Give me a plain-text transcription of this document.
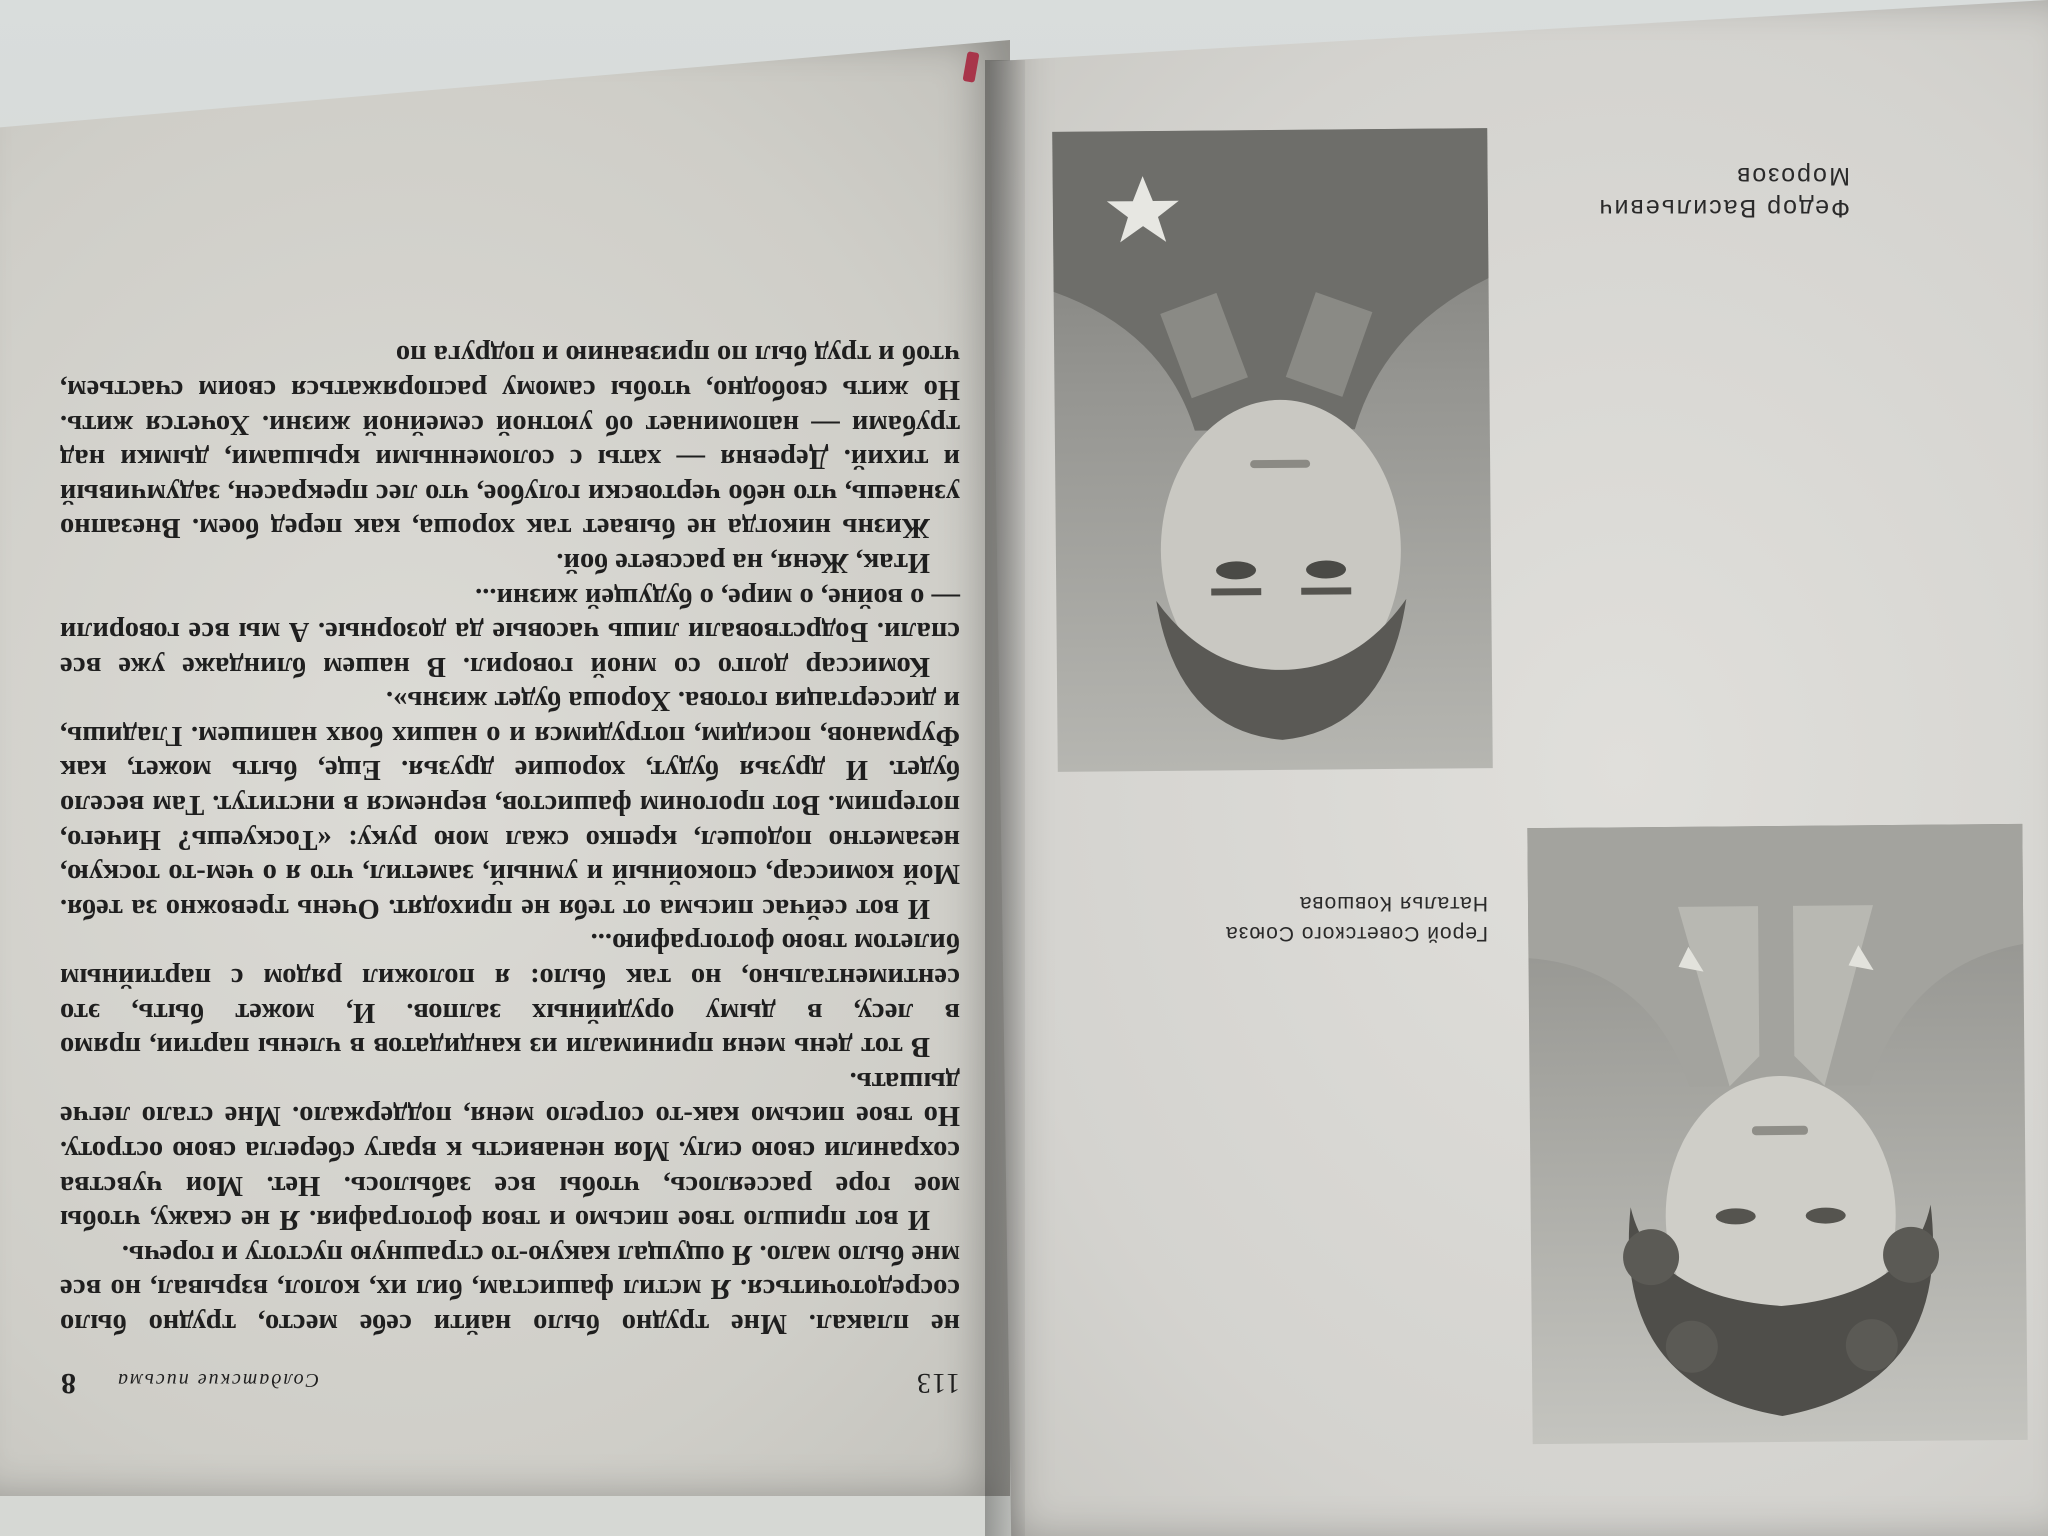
113
Солдатские письма
8

не плакал. Мне трудно было найти себе место, трудно было сосредоточиться. Я мстил фашистам, бил их, колол, взрывал, но все мне было мало. Я ощущал какую-то страшную пустоту и горечь.

И вот пришло твое письмо и твоя фотография. Я не скажу, чтобы мое горе рассеялось, чтобы все забылось. Нет. Мои чувства сохранили свою силу. Моя ненависть к врагу сберегла свою остроту. Но твое письмо как-то согрело меня, поддержало. Мне стало легче дышать.

В тот день меня принимали из кандидатов в члены партии, прямо в лесу, в дыму орудийных залпов. И, может быть, это сентиментально, но так было: я положил рядом с партийным билетом твою фотографию...

И вот сейчас письма от тебя не приходят. Очень тревожно за тебя. Мой комиссар, спокойный и умный, заметил, что я о чем-то тоскую, незаметно подошел, крепко сжал мою руку: «Тоскуешь? Ничего, потерпим. Вот прогоним фашистов, вернемся в институт. Там весело будет. И друзья будут, хорошие друзья. Еще, быть может, как Фурманов, посидим, потрудимся и о наших боях напишем. Гладишь, и диссертация готова. Хороша будет жизнь».

Комиссар долго со мной говорил. В нашем блиндаже уже все спали. Бодрствовали лишь часовые да дозорные. А мы все говорили — о войне, о мире, о будущей жизни...

Итак, Женя, на рассвете бой.

Жизнь никогда не бывает так хороша, как перед боем. Внезапно узнаешь, что небо чертовски голубое, что лес прекрасен, задумчивый и тихий. Деревня — хаты с соломенными крышами, дымки над трубами — напоминает об уютной семейной жизни. Хочется жить. Но жить свободно, чтобы самому распоряжаться своим счастьем, чтоб и труд был по призванию и подруга по

Федор Васильевич
Морозов
Герой Советского Союза
Наталья Ковшова
